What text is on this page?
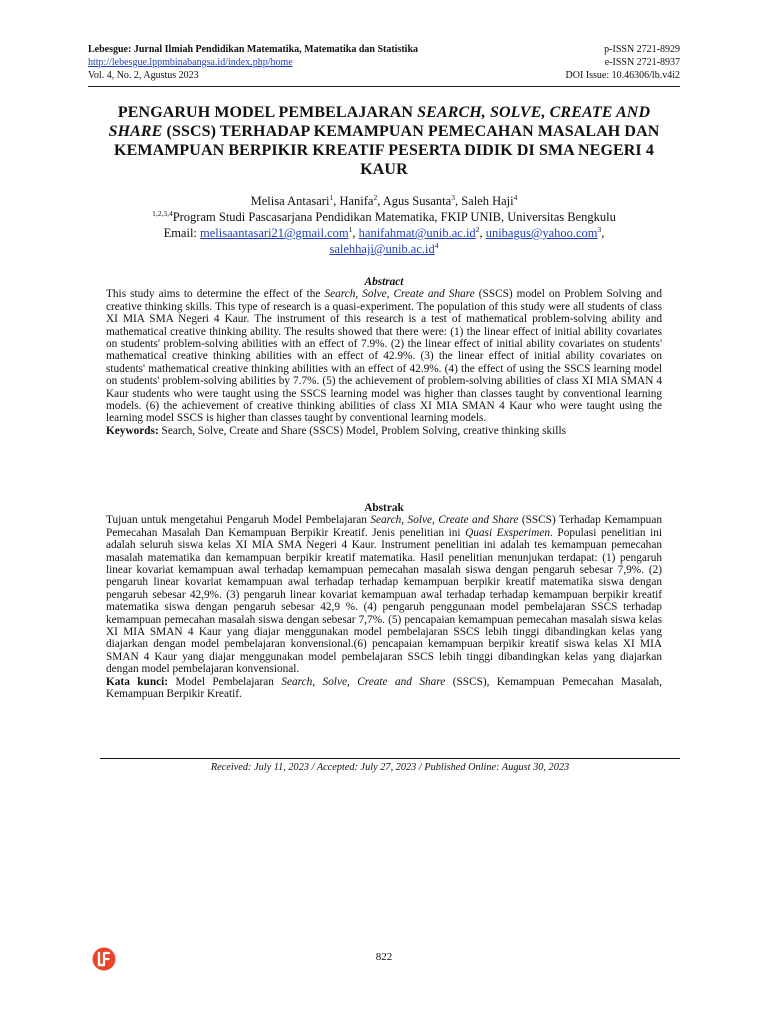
Lebesgue: Jurnal Ilmiah Pendidikan Matematika, Matematika dan Statistika
http://lebesgue.lppmbinabangsa.id/index.php/home
Vol. 4, No. 2, Agustus 2023
p-ISSN 2721-8929
e-ISSN 2721-8937
DOI Issue: 10.46306/lb.v4i2
PENGARUH MODEL PEMBELAJARAN SEARCH, SOLVE, CREATE AND SHARE (SSCS) TERHADAP KEMAMPUAN PEMECAHAN MASALAH DAN KEMAMPUAN BERPIKIR KREATIF PESERTA DIDIK DI SMA NEGERI 4 KAUR
Melisa Antasari$^1$, Hanifa$^2$, Agus Susanta$^3$, Saleh Haji$^4$
$^{1,2,3,4}$Program Studi Pascasarjana Pendidikan Matematika, FKIP UNIB, Universitas Bengkulu
Email: melisaantasari21@gmail.com$^1$, $hanifahmat@unib.ac.id^2$, unibagus@yahoo.com$^3$,
$salehhaji@unib.ac.id^4$
Abstract
This study aims to determine the effect of the Search, Solve, Create and Share (SSCS) model on Problem Solving and creative thinking skills. This type of research is a quasi-experiment. The population of this study were all students of class XI MIA SMA Negeri 4 Kaur. The instrument of this research is a test of mathematical problem-solving ability and mathematical creative thinking ability. The results showed that there were: (1) the linear effect of initial ability covariates on students' problem-solving abilities with an effect of 7.9%. (2) the linear effect of initial ability covariates on students' mathematical creative thinking abilities with an effect of 42.9%. (3) the linear effect of initial ability covariates on students' mathematical creative thinking abilities with an effect of 42.9%. (4) the effect of using the SSCS learning model on students' problem-solving abilities by 7.7%. (5) the achievement of problem-solving abilities of class XI MIA SMAN 4 Kaur students who were taught using the SSCS learning model was higher than classes taught by conventional learning models. (6) the achievement of creative thinking abilities of class XI MIA SMAN 4 Kaur who were taught using the learning model SSCS is higher than classes taught by conventional learning models.
Keywords: Search, Solve, Create and Share (SSCS) Model, Problem Solving, creative thinking skills
Abstrak
Tujuan untuk mengetahui Pengaruh Model Pembelajaran Search, Solve, Create and Share (SSCS) Terhadap Kemampuan Pemecahan Masalah Dan Kemampuan Berpikir Kreatif. Jenis penelitian ini Quasi Exsperimen. Populasi penelitian ini adalah seluruh siswa kelas XI MIA SMA Negeri 4 Kaur. Instrument penelitian ini adalah tes kemampuan pemecahan masalah matematika dan kemampuan berpikir kreatif matematika. Hasil penelitian menunjukan terdapat: (1) pengaruh linear kovariat kemampuan awal terhadap kemampuan pemecahan masalah siswa dengan pengaruh sebesar 7,9%. (2) pengaruh linear kovariat kemampuan awal terhadap terhadap kemampuan berpikir kreatif matematika siswa dengan pengaruh sebesar 42,9%. (3) pengaruh linear kovariat kemampuan awal terhadap terhadap kemampuan berpikir kreatif matematika siswa dengan pengaruh sebesar 42,9 %. (4) pengaruh penggunaan model pembelajaran SSCS terhadap kemampuan pemecahan masalah siswa dengan sebesar 7,7%. (5) pencapaian kemampuan pemecahan masalah siswa kelas XI MIA SMAN 4 Kaur yang diajar menggunakan model pembelajaran SSCS lebih tinggi dibandingkan kelas yang diajarkan dengan model pembelajaran konvensional.(6) pencapaian kemampuan berpikir kreatif siswa kelas XI MIA SMAN 4 Kaur yang diajar menggunakan model pembelajaran SSCS lebih tinggi dibandingkan kelas yang diajarkan dengan model pembelajaran konvensional.
Kata kunci: Model Pembelajaran Search, Solve, Create and Share (SSCS), Kemampuan Pemecahan Masalah, Kemampuan Berpikir Kreatif.
Received: July 11, 2023 / Accepted: July 27, 2023 / Published Online: August 30, 2023
822
